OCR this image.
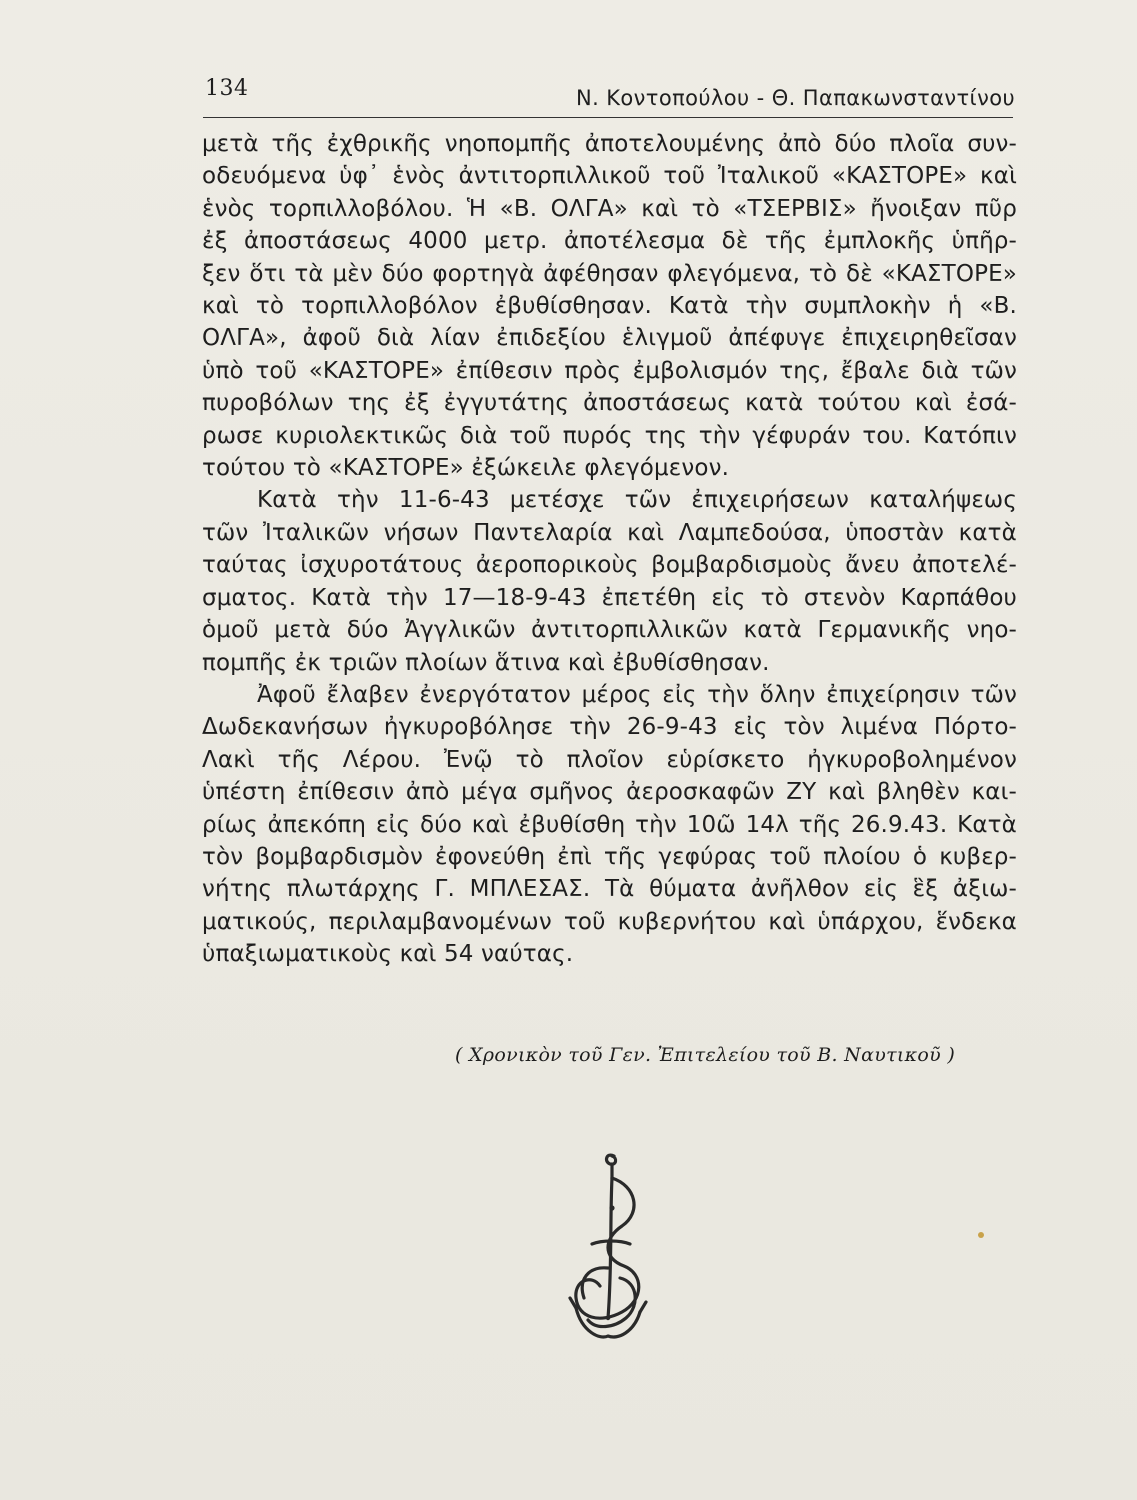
134	Ν. Κοντοπούλου - Θ. Παπακωνσταντίνου
μετὰ τῆς ἐχθρικῆς νηοπομπῆς ἀποτελουμένης ἀπὸ δύο πλοῖα συν-
οδευόμενα ὑφ᾿ ἑνὸς ἀντιτορπιλλικοῦ τοῦ Ἰταλικοῦ «ΚΑΣΤΟΡΕ» καὶ
ἑνὸς τορπιλλοβόλου. Ἡ «Β. ΟΛΓΑ» καὶ τὸ «ΤΣΕΡΒΙΣ» ἤνοιξαν πῦρ
ἐξ ἀποστάσεως 4000 μετρ. ἀποτέλεσμα δὲ τῆς ἐμπλοκῆς ὑπῆρ-
ξεν ὅτι τὰ μὲν δύο φορτηγὰ ἀφέθησαν φλεγόμενα, τὸ δὲ «ΚΑΣΤΟΡΕ»
καὶ τὸ τορπιλλοβόλον ἐβυθίσθησαν. Κατὰ τὴν συμπλοκὴν ἡ «Β.
ΟΛΓΑ», ἀφοῦ διὰ λίαν ἐπιδεξίου ἑλιγμοῦ ἀπέφυγε ἐπιχειρηθεῖσαν
ὑπὸ τοῦ «ΚΑΣΤΟΡΕ» ἐπίθεσιν πρὸς ἐμβολισμόν της, ἔβαλε διὰ τῶν
πυροβόλων της ἐξ ἐγγυτάτης ἀποστάσεως κατὰ τούτου καὶ ἐσά-
ρωσε κυριολεκτικῶς διὰ τοῦ πυρός της τὴν γέφυράν του. Κατόπιν
τούτου τὸ «ΚΑΣΤΟΡΕ» ἐξώκειλε φλεγόμενον.
Κατὰ τὴν 11-6-43 μετέσχε τῶν ἐπιχειρήσεων καταλήψεως
τῶν Ἰταλικῶν νήσων Παντελαρία καὶ Λαμπεδούσα, ὑποστὰν κατὰ
ταύτας ἰσχυροτάτους ἀεροπορικοὺς βομβαρδισμοὺς ἄνευ ἀποτελέ-
σματος. Κατὰ τὴν 17—18-9-43 ἐπετέθη εἰς τὸ στενὸν Καρπάθου
ὁμοῦ μετὰ δύο Ἀγγλικῶν ἀντιτορπιλλικῶν κατὰ Γερμανικῆς νηο-
πομπῆς ἐκ τριῶν πλοίων ἅτινα καὶ ἐβυθίσθησαν.
Ἀφοῦ ἔλαβεν ἐνεργότατον μέρος εἰς τὴν ὅλην ἐπιχείρησιν τῶν
Δωδεκανήσων ἠγκυροβόλησε τὴν 26-9-43 εἰς τὸν λιμένα Πόρτο-
Λακὶ τῆς Λέρου. Ἐνῷ τὸ πλοῖον εὑρίσκετο ἠγκυροβολημένον
ὑπέστη ἐπίθεσιν ἀπὸ μέγα σμῆνος ἀεροσκαφῶν ΖΥ καὶ βληθὲν και-
ρίως ἀπεκόπη εἰς δύο καὶ ἐβυθίσθη τὴν 10ῶ 14λ τῆς 26.9.43. Κατὰ
τὸν βομβαρδισμὸν ἐφονεύθη ἐπὶ τῆς γεφύρας τοῦ πλοίου ὁ κυβερ-
νήτης πλωτάρχης Γ. ΜΠΛΕΣΑΣ. Τὰ θύματα ἀνῆλθον εἰς ἓξ ἀξιω-
ματικούς, περιλαμβανομένων τοῦ κυβερνήτου καὶ ὑπάρχου, ἕνδεκα
ὑπαξιωματικοὺς καὶ 54 ναύτας.
( Χρονικὸν τοῦ Γεν. Ἐπιτελείου τοῦ Β. Ναυτικοῦ )
